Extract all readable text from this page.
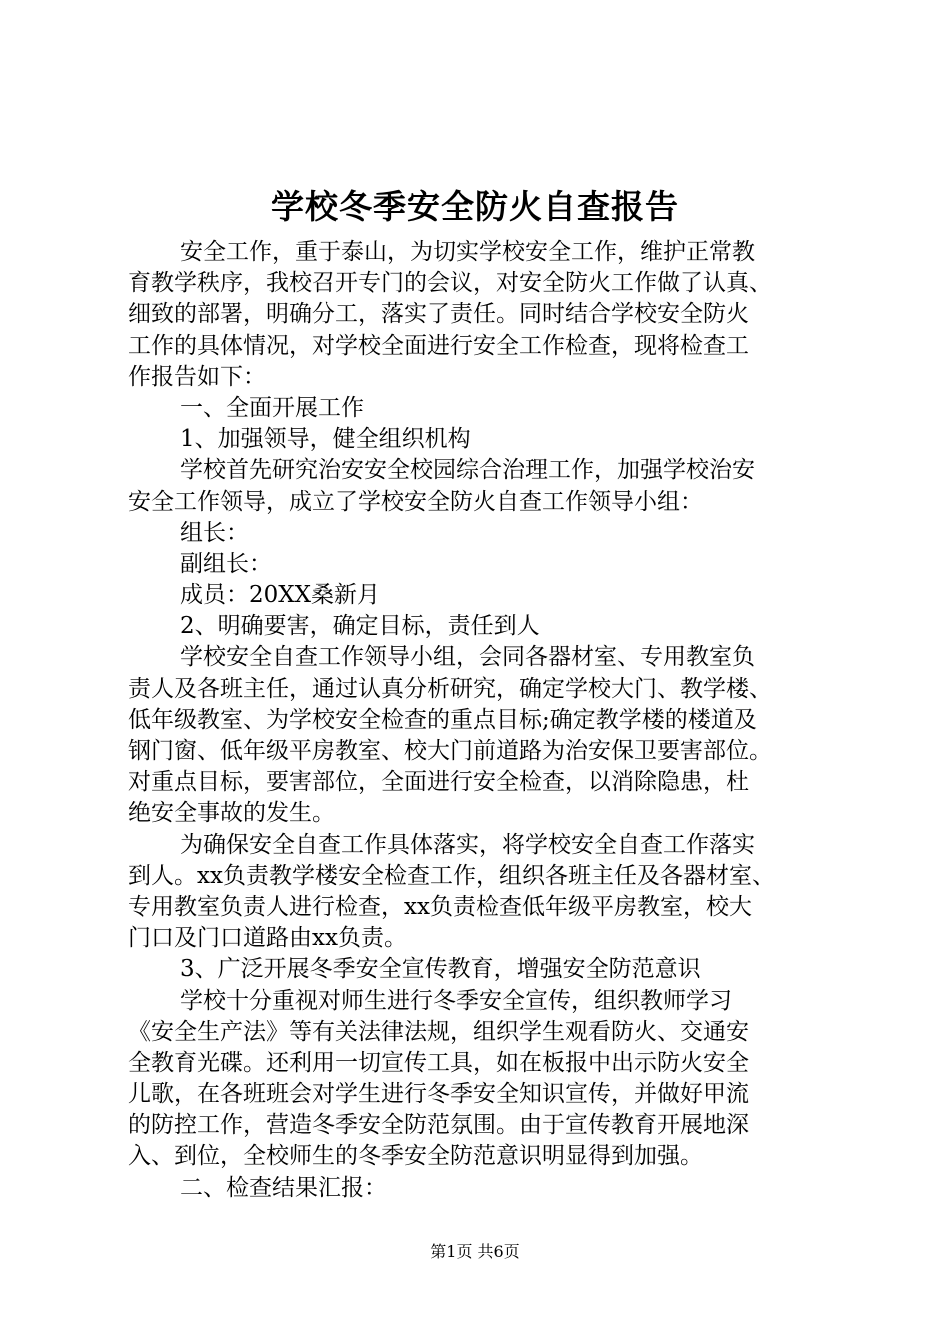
学校冬季安全防火自查报告
安全工作，重于泰山，为切实学校安全工作，维护正常教
育教学秩序，我校召开专门的会议，对安全防火工作做了认真、
细致的部署，明确分工，落实了责任。同时结合学校安全防火
工作的具体情况，对学校全面进行安全工作检查，现将检查工
作报告如下：
一、全面开展工作
1、加强领导，健全组织机构
学校首先研究治安安全校园综合治理工作，加强学校治安
安全工作领导，成立了学校安全防火自查工作领导小组：
组长：
副组长：
成员：20XX桑新月
2、明确要害，确定目标，责任到人
学校安全自查工作领导小组，会同各器材室、专用教室负
责人及各班主任，通过认真分析研究，确定学校大门、教学楼、
低年级教室、为学校安全检查的重点目标;确定教学楼的楼道及
钢门窗、低年级平房教室、校大门前道路为治安保卫要害部位。
对重点目标，要害部位，全面进行安全检查，以消除隐患，杜
绝安全事故的发生。
为确保安全自查工作具体落实，将学校安全自查工作落实
到人。xx负责教学楼安全检查工作，组织各班主任及各器材室、
专用教室负责人进行检查，xx负责检查低年级平房教室，校大
门口及门口道路由xx负责。
3、广泛开展冬季安全宣传教育，增强安全防范意识
学校十分重视对师生进行冬季安全宣传，组织教师学习
《安全生产法》等有关法律法规，组织学生观看防火、交通安
全教育光碟。还利用一切宣传工具，如在板报中出示防火安全
儿歌，在各班班会对学生进行冬季安全知识宣传，并做好甲流
的防控工作，营造冬季安全防范氛围。由于宣传教育开展地深
入、到位，全校师生的冬季安全防范意识明显得到加强。
二、检查结果汇报：
第1页 共6页
